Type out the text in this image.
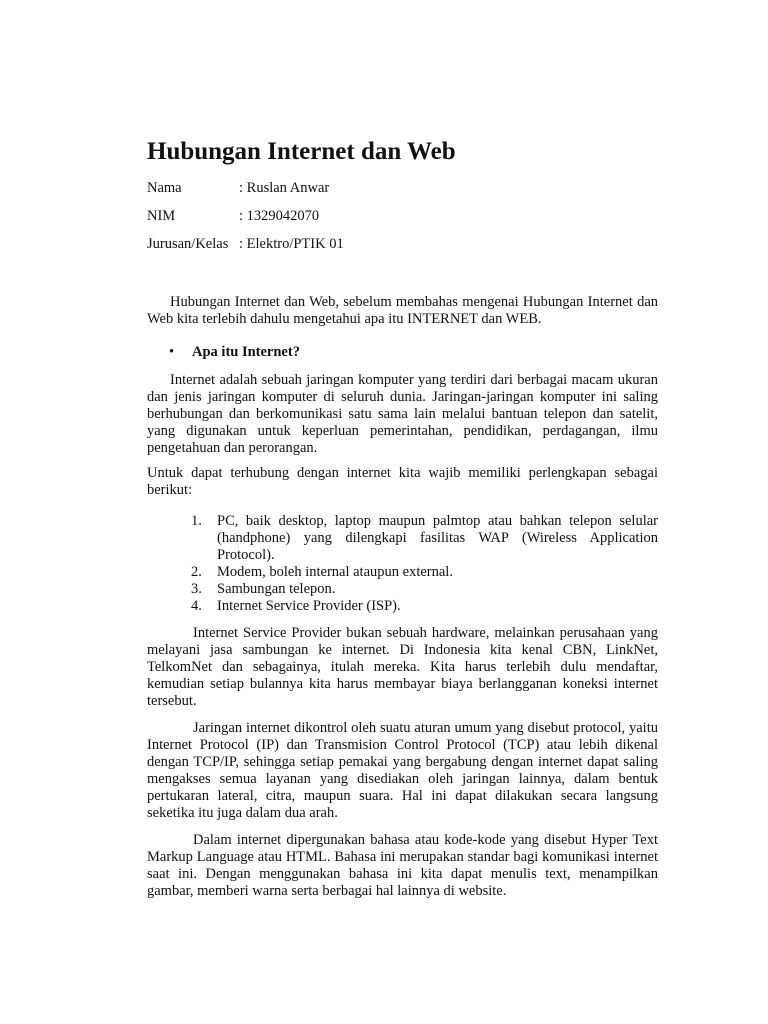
Hubungan Internet dan Web
Nama	: Ruslan Anwar
NIM	: 1329042070
Jurusan/Kelas : Elektro/PTIK 01

Hubungan Internet dan Web, sebelum membahas mengenai Hubungan Internet dan Web kita terlebih dahulu mengetahui apa itu INTERNET dan WEB.

• Apa itu Internet?

Internet adalah sebuah jaringan komputer yang terdiri dari berbagai macam ukuran dan jenis jaringan komputer di seluruh dunia. Jaringan-jaringan komputer ini saling berhubungan dan berkomunikasi satu sama lain melalui bantuan telepon dan satelit, yang digunakan untuk keperluan pemerintahan, pendidikan, perdagangan, ilmu pengetahuan dan perorangan.

Untuk dapat terhubung dengan internet kita wajib memiliki perlengkapan sebagai berikut:

1.	PC, baik desktop, laptop maupun palmtop atau bahkan telepon selular (handphone) yang dilengkapi fasilitas WAP (Wireless Application Protocol).
2.	Modem, boleh internal ataupun external.
3.	Sambungan telepon.
4.	Internet Service Provider (ISP).

Internet Service Provider bukan sebuah hardware, melainkan perusahaan yang melayani jasa sambungan ke internet. Di Indonesia kita kenal CBN, LinkNet, TelkomNet dan sebagainya, itulah mereka. Kita harus terlebih dulu mendaftar, kemudian setiap bulannya kita harus membayar biaya berlangganan koneksi internet tersebut.

Jaringan internet dikontrol oleh suatu aturan umum yang disebut protocol, yaitu Internet Protocol (IP) dan Transmision Control Protocol (TCP) atau lebih dikenal dengan TCP/IP, sehingga setiap pemakai yang bergabung dengan internet dapat saling mengakses semua layanan yang disediakan oleh jaringan lainnya, dalam bentuk pertukaran lateral, citra, maupun suara. Hal ini dapat dilakukan secara langsung seketika itu juga dalam dua arah.

Dalam internet dipergunakan bahasa atau kode-kode yang disebut Hyper Text Markup Language atau HTML. Bahasa ini merupakan standar bagi komunikasi internet saat ini. Dengan menggunakan bahasa ini kita dapat menulis text, menampilkan gambar, memberi warna serta berbagai hal lainnya di website.
